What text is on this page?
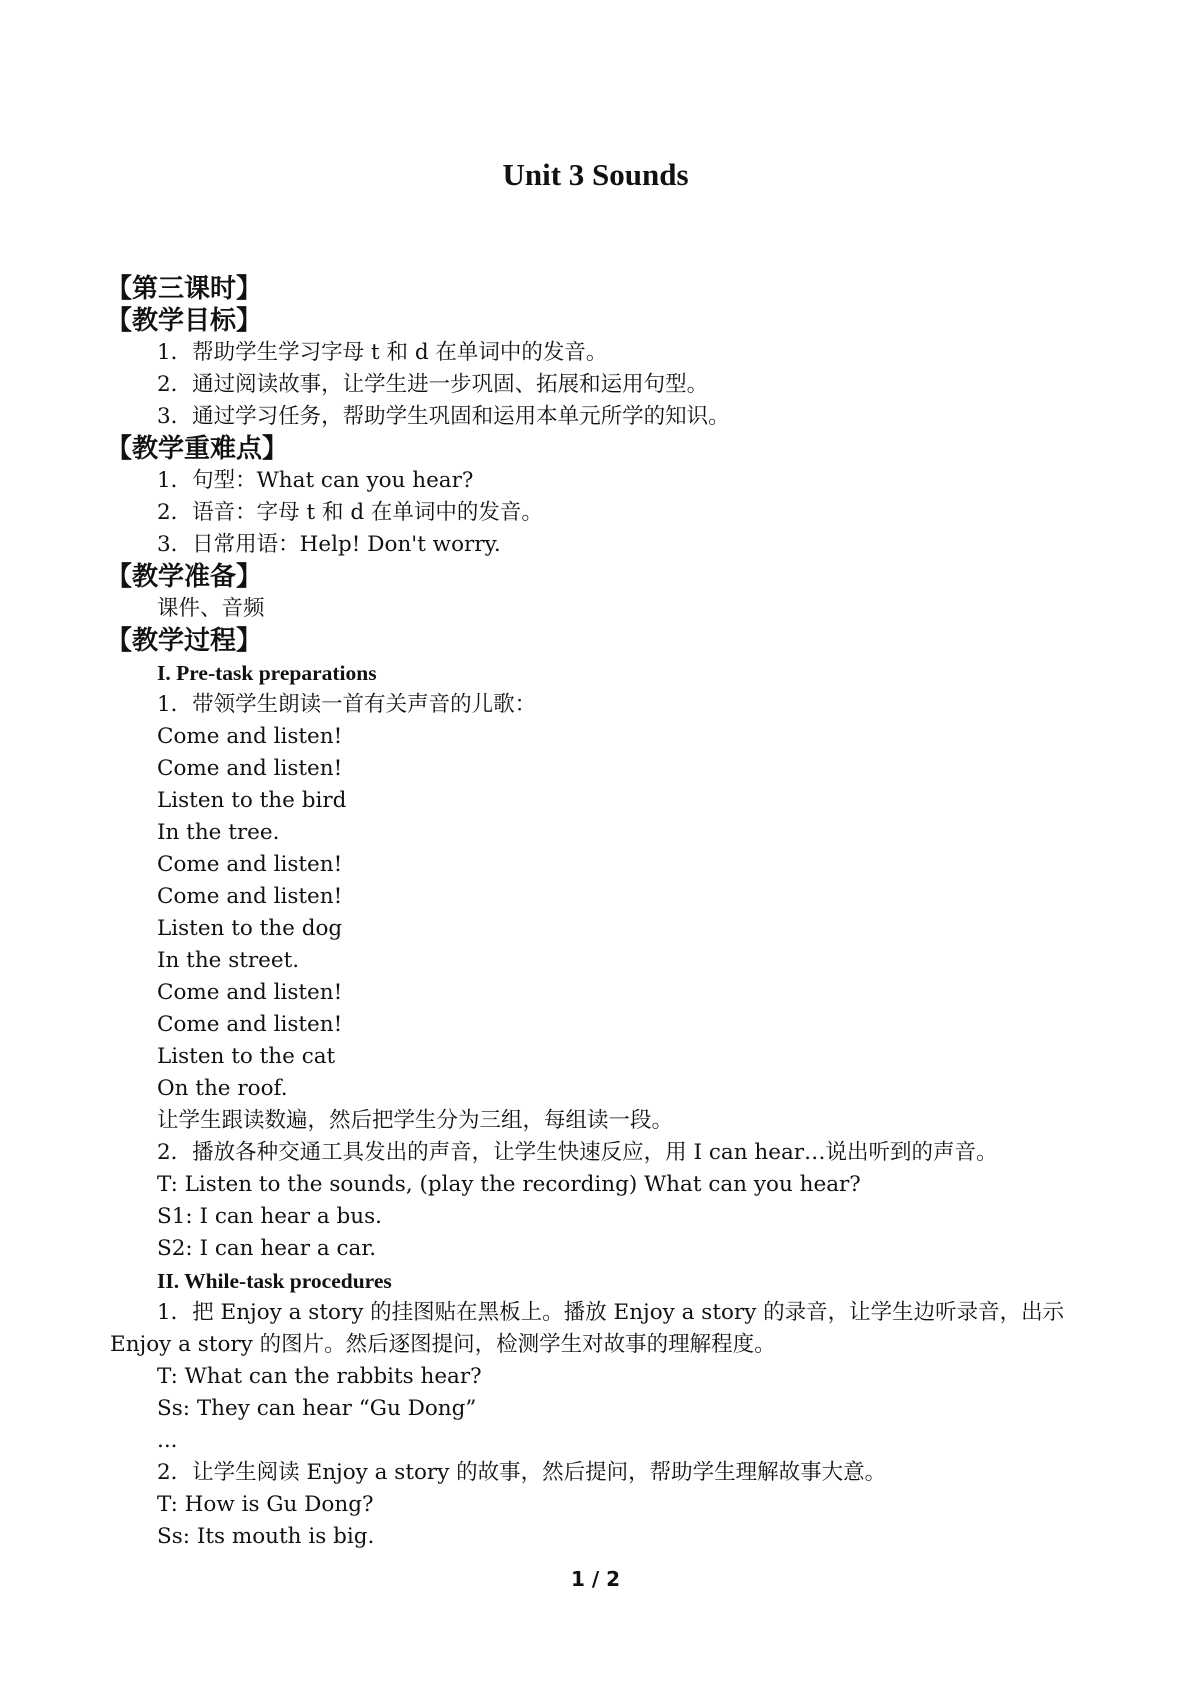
Unit 3 Sounds
【第三课时】
【教学目标】
1．帮助学生学习字母 t 和 d 在单词中的发音。
2．通过阅读故事，让学生进一步巩固、拓展和运用句型。
3．通过学习任务，帮助学生巩固和运用本单元所学的知识。
【教学重难点】
1．句型：What can you hear?
2．语音：字母 t 和 d 在单词中的发音。
3．日常用语：Help! Don't worry.
【教学准备】
课件、音频
【教学过程】
I. Pre-task preparations
1．带领学生朗读一首有关声音的儿歌：
Come and listen!
Come and listen!
Listen to the bird
In the tree.
Come and listen!
Come and listen!
Listen to the dog
In the street.
Come and listen!
Come and listen!
Listen to the cat
On the roof.
让学生跟读数遍，然后把学生分为三组，每组读一段。
2．播放各种交通工具发出的声音，让学生快速反应，用 I can hear…说出听到的声音。
T: Listen to the sounds, (play the recording) What can you hear?
S1: I can hear a bus.
S2: I can hear a car.
II. While-task procedures
1．把 Enjoy a story 的挂图贴在黑板上。播放 Enjoy a story 的录音，让学生边听录音，出示 Enjoy a story 的图片。然后逐图提问，检测学生对故事的理解程度。
T: What can the rabbits hear?
Ss: They can hear “Gu Dong”
...
2．让学生阅读 Enjoy a story 的故事，然后提问，帮助学生理解故事大意。
T: How is Gu Dong?
Ss: Its mouth is big.
1 / 2
